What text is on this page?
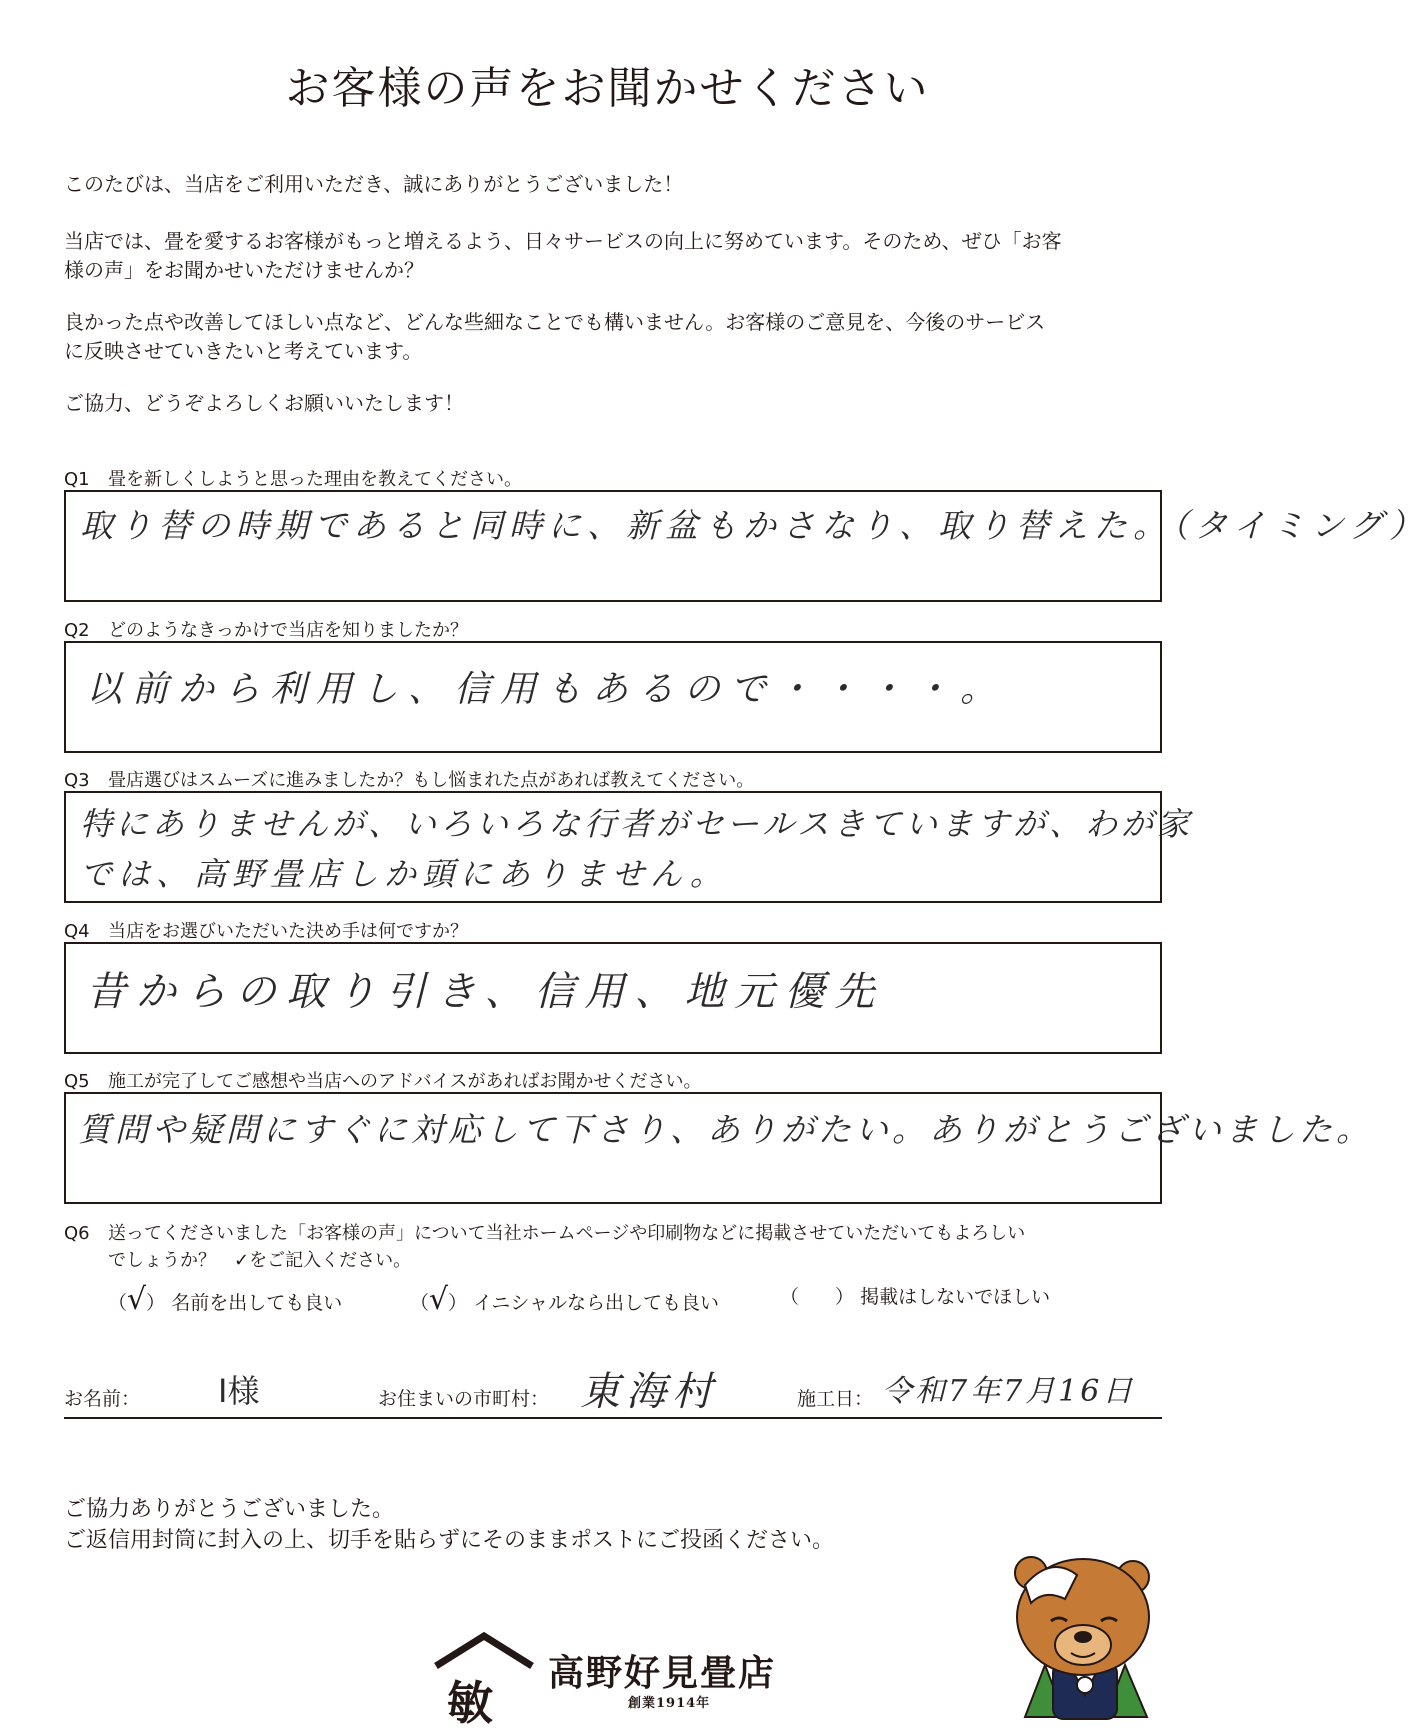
お客様の声をお聞かせください
このたびは、当店をご利用いただき、誠にありがとうございました！
当店では、畳を愛するお客様がもっと増えるよう、日々サービスの向上に努めています。そのため、ぜひ「お客
様の声」をお聞かせいただけませんか？
良かった点や改善してほしい点など、どんな些細なことでも構いません。お客様のご意見を、今後のサービス
に反映させていきたいと考えています。
ご協力、どうぞよろしくお願いいたします！
Q1 畳を新しくしようと思った理由を教えてください。
取り替の時期であると同時に、新盆もかさなり、取り替えた。（タイミング）
Q2 どのようなきっかけで当店を知りましたか？
以前から利用し、信用もあるので・・・・。
Q3 畳店選びはスムーズに進みましたか？もし悩まれた点があれば教えてください。
特にありませんが、いろいろな行者がセールスきていますが、わが家
では、高野畳店しか頭にありません。
Q4 当店をお選びいただいた決め手は何ですか？
昔からの取り引き、信用、地元優先
Q5 施工が完了してご感想や当店へのアドバイスがあればお聞かせください。
質問や疑問にすぐに対応して下さり、ありがたい。ありがとうございました。
Q6 送ってくださいました「お客様の声」について当社ホームページや印刷物などに掲載させていただいてもよろしい
でしょうか？　✓をご記入ください。
（√） 名前を出しても良い	（√） イニシャルなら出しても良い	（ ） 掲載はしないでほしい
お名前： I様	お住まいの市町村： 東海村	施工日： 令和7年7月16日
ご協力ありがとうございました。
ご返信用封筒に封入の上、切手を貼らずにそのままポストにご投函ください。
敏
高野好見畳店
創業1914年
